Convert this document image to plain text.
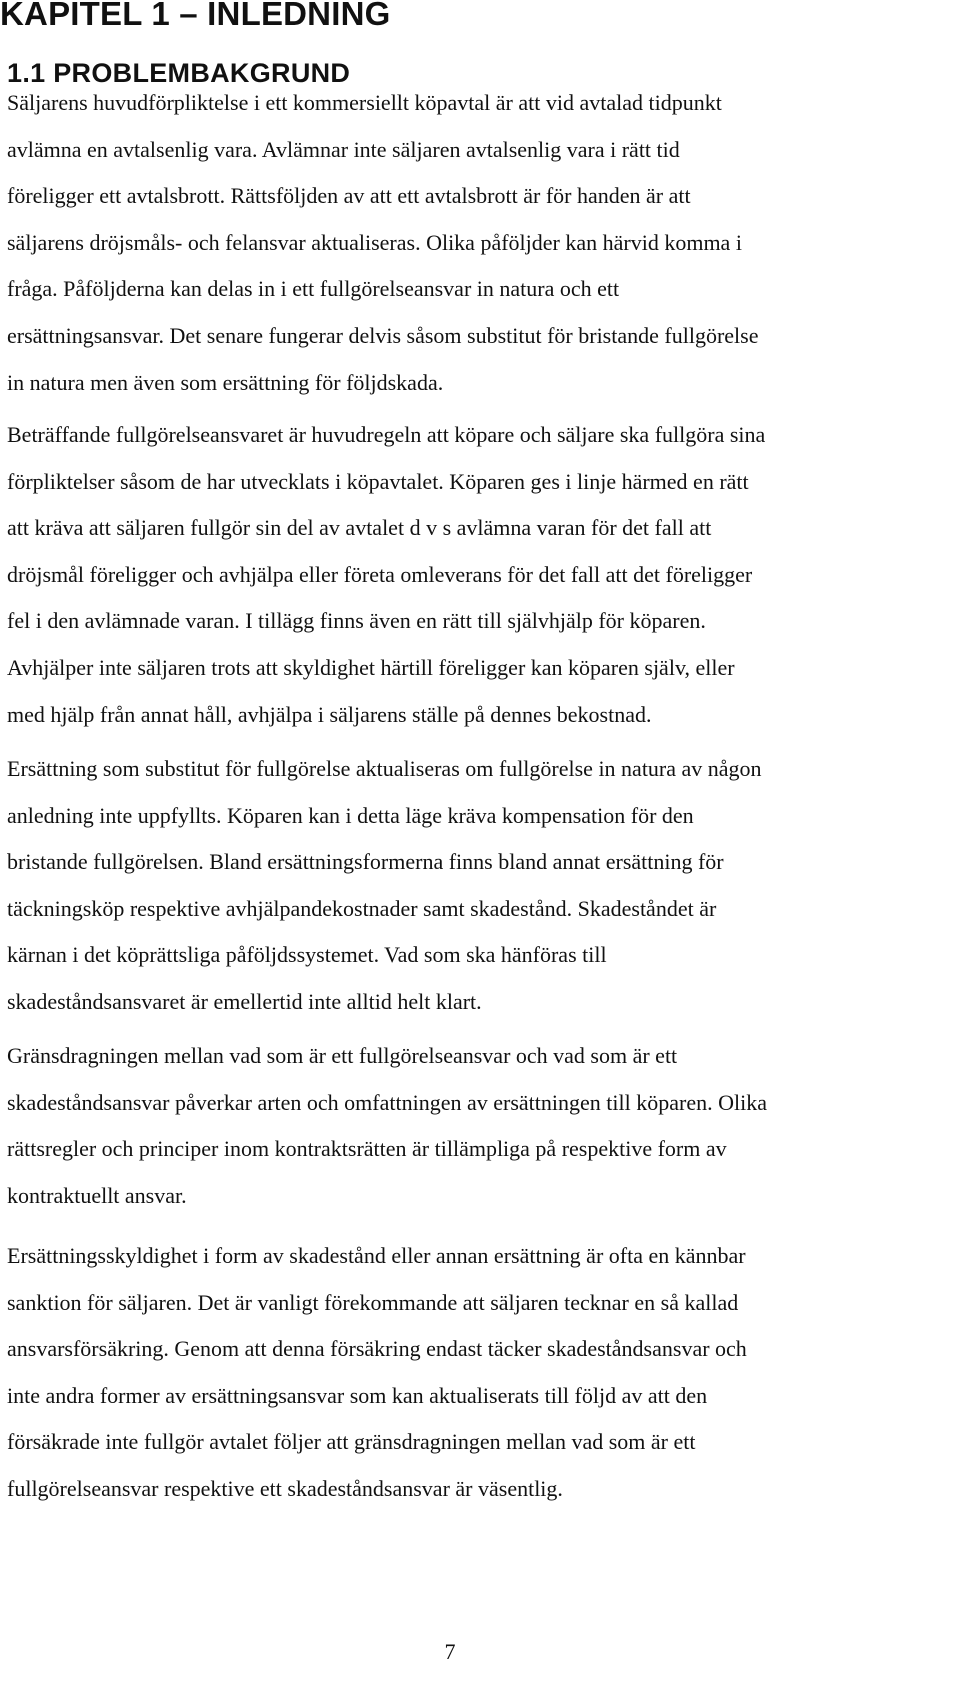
KAPITEL 1 – INLEDNING
1.1 PROBLEMBAKGRUND
Säljarens huvudförpliktelse i ett kommersiellt köpavtal är att vid avtalad tidpunkt
avlämna en avtalsenlig vara. Avlämnar inte säljaren avtalsenlig vara i rätt tid
föreligger ett avtalsbrott. Rättsföljden av att ett avtalsbrott är för handen är att
säljarens dröjsmåls- och felansvar aktualiseras. Olika påföljder kan härvid komma i
fråga. Påföljderna kan delas in i ett fullgörelseansvar in natura och ett
ersättningsansvar. Det senare fungerar delvis såsom substitut för bristande fullgörelse
in natura men även som ersättning för följdskada.
Beträffande fullgörelseansvaret är huvudregeln att köpare och säljare ska fullgöra sina
förpliktelser såsom de har utvecklats i köpavtalet. Köparen ges i linje härmed en rätt
att kräva att säljaren fullgör sin del av avtalet d v s avlämna varan för det fall att
dröjsmål föreligger och avhjälpa eller företa omleverans för det fall att det föreligger
fel i den avlämnade varan. I tillägg finns även en rätt till självhjälp för köparen.
Avhjälper inte säljaren trots att skyldighet härtill föreligger kan köparen själv, eller
med hjälp från annat håll, avhjälpa i säljarens ställe på dennes bekostnad.
Ersättning som substitut för fullgörelse aktualiseras om fullgörelse in natura av någon
anledning inte uppfyllts. Köparen kan i detta läge kräva kompensation för den
bristande fullgörelsen. Bland ersättningsformerna finns bland annat ersättning för
täckningsköp respektive avhjälpandekostnader samt skadestånd. Skadeståndet är
kärnan i det köprättsliga påföljdssystemet. Vad som ska hänföras till
skadeståndsansvaret är emellertid inte alltid helt klart.
Gränsdragningen mellan vad som är ett fullgörelseansvar och vad som är ett
skadeståndsansvar påverkar arten och omfattningen av ersättningen till köparen. Olika
rättsregler och principer inom kontraktsrätten är tillämpliga på respektive form av
kontraktuellt ansvar.
Ersättningsskyldighet i form av skadestånd eller annan ersättning är ofta en kännbar
sanktion för säljaren. Det är vanligt förekommande att säljaren tecknar en så kallad
ansvarsförsäkring. Genom att denna försäkring endast täcker skadeståndsansvar och
inte andra former av ersättningsansvar som kan aktualiserats till följd av att den
försäkrade inte fullgör avtalet följer att gränsdragningen mellan vad som är ett
fullgörelseansvar respektive ett skadeståndsansvar är väsentlig.
7
